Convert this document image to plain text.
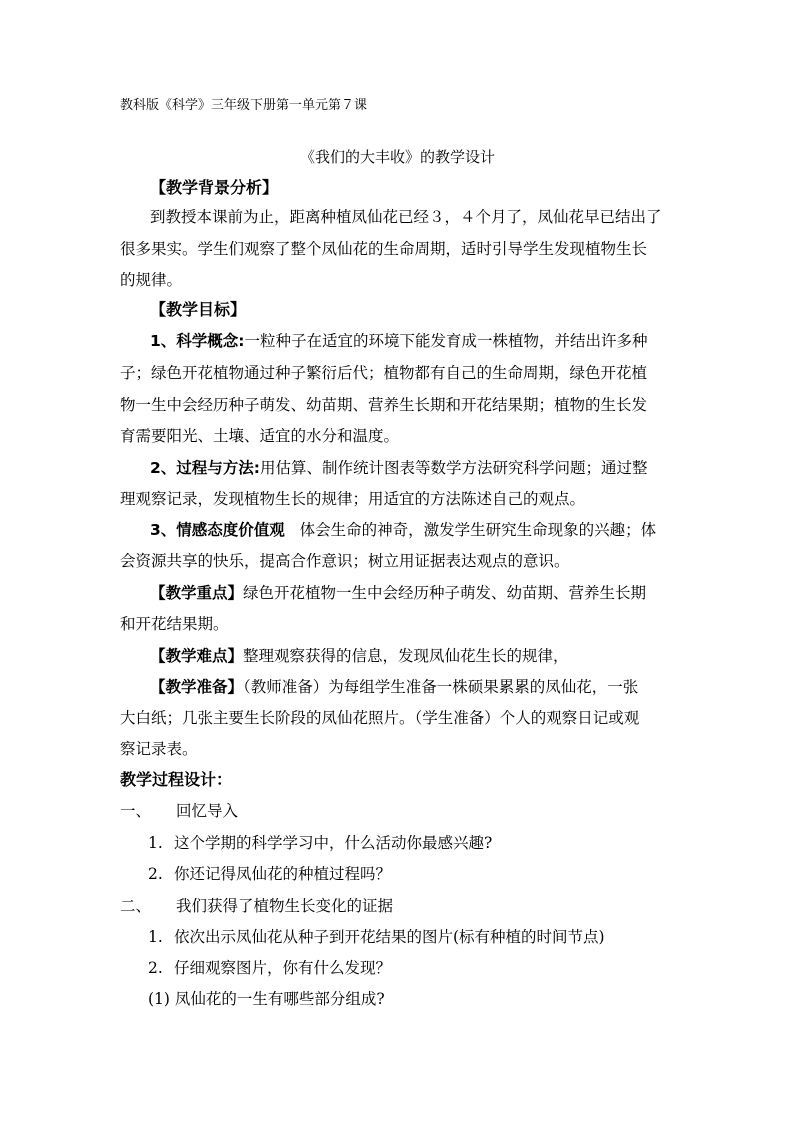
教科版《科学》三年级下册第一单元第７课
《我们的大丰收》的教学设计
【教学背景分析】
到教授本课前为止，距离种植凤仙花已经３，４个月了，凤仙花早已结出了
很多果实。学生们观察了整个凤仙花的生命周期，适时引导学生发现植物生长
的规律。
【教学目标】
1、科学概念:一粒种子在适宜的环境下能发育成一株植物，并结出许多种
子；绿色开花植物通过种子繁衍后代；植物都有自己的生命周期，绿色开花植
物一生中会经历种子萌发、幼苗期、营养生长期和开花结果期；植物的生长发
育需要阳光、土壤、适宜的水分和温度。
2、过程与方法:用估算、制作统计图表等数学方法研究科学问题；通过整
理观察记录，发现植物生长的规律；用适宜的方法陈述自己的观点。
3、情感态度价值观   体会生命的神奇，激发学生研究生命现象的兴趣；体
会资源共享的快乐，提高合作意识；树立用证据表达观点的意识。
【教学重点】绿色开花植物一生中会经历种子萌发、幼苗期、营养生长期
和开花结果期。
【教学难点】整理观察获得的信息，发现凤仙花生长的规律，
【教学准备】（教师准备）为每组学生准备一株硕果累累的凤仙花，一张
大白纸；几张主要生长阶段的凤仙花照片。（学生准备）个人的观察日记或观
察记录表。
教学过程设计：
一、 回忆导入
1. 这个学期的科学学习中，什么活动你最感兴趣?
2. 你还记得凤仙花的种植过程吗？
二、 我们获得了植物生长变化的证据
1. 依次出示凤仙花从种子到开花结果的图片(标有种植的时间节点)
2. 仔细观察图片，你有什么发现？
(1) 凤仙花的一生有哪些部分组成?
